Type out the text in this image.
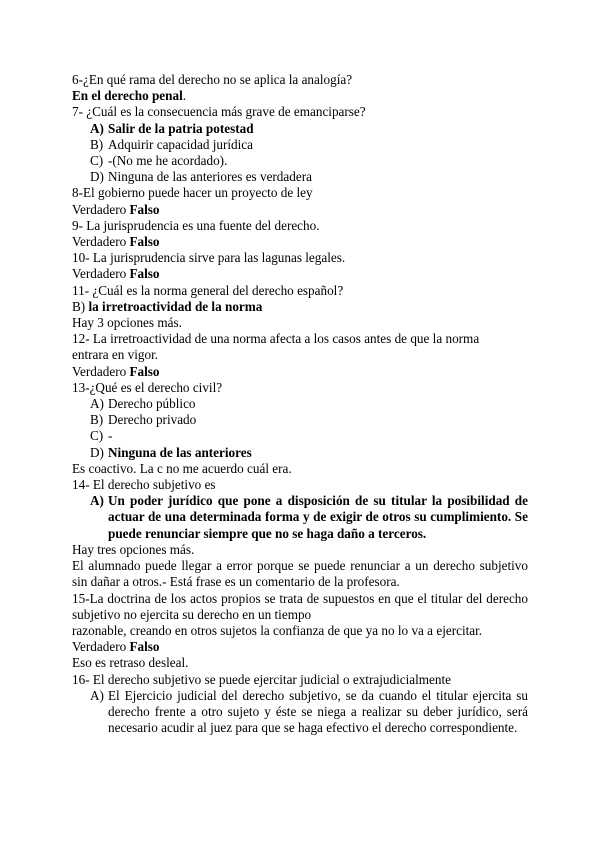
6-¿En qué rama del derecho no se aplica la analogía?
En el derecho penal.
7- ¿Cuál es la consecuencia más grave de emanciparse?
A) Salir de la patria potestad
B) Adquirir capacidad jurídica
C) -(No me he acordado).
D) Ninguna de las anteriores es verdadera
8-El gobierno puede hacer un proyecto de ley
Verdadero Falso
9- La jurisprudencia es una fuente del derecho.
Verdadero Falso
10- La jurisprudencia sirve para las lagunas legales.
Verdadero Falso
11- ¿Cuál es la norma general del derecho español?
B) la irretroactividad de la norma
Hay 3 opciones más.
12- La irretroactividad de una norma afecta a los casos antes de que la norma
entrara en vigor.
Verdadero Falso
13-¿Qué es el derecho civil?
A) Derecho público
B) Derecho privado
C) -
D) Ninguna de las anteriores
Es coactivo. La c no me acuerdo cuál era.
14- El derecho subjetivo es
A) Un poder jurídico que pone a disposición de su titular la posibilidad de actuar de una determinada forma y de exigir de otros su cumplimiento. Se puede renunciar siempre que no se haga daño a terceros.
Hay tres opciones más.
El alumnado puede llegar a error porque se puede renunciar a un derecho subjetivo sin dañar a otros.- Está frase es un comentario de la profesora.
15-La doctrina de los actos propios se trata de supuestos en que el titular del derecho subjetivo no ejercita su derecho en un tiempo
razonable, creando en otros sujetos la confianza de que ya no lo va a ejercitar.
Verdadero Falso
Eso es retraso desleal.
16- El derecho subjetivo se puede ejercitar judicial o extrajudicialmente
A) El Ejercicio judicial del derecho subjetivo, se da cuando el titular ejercita su derecho frente a otro sujeto y éste se niega a realizar su deber jurídico, será necesario acudir al juez para que se haga efectivo el derecho correspondiente.
